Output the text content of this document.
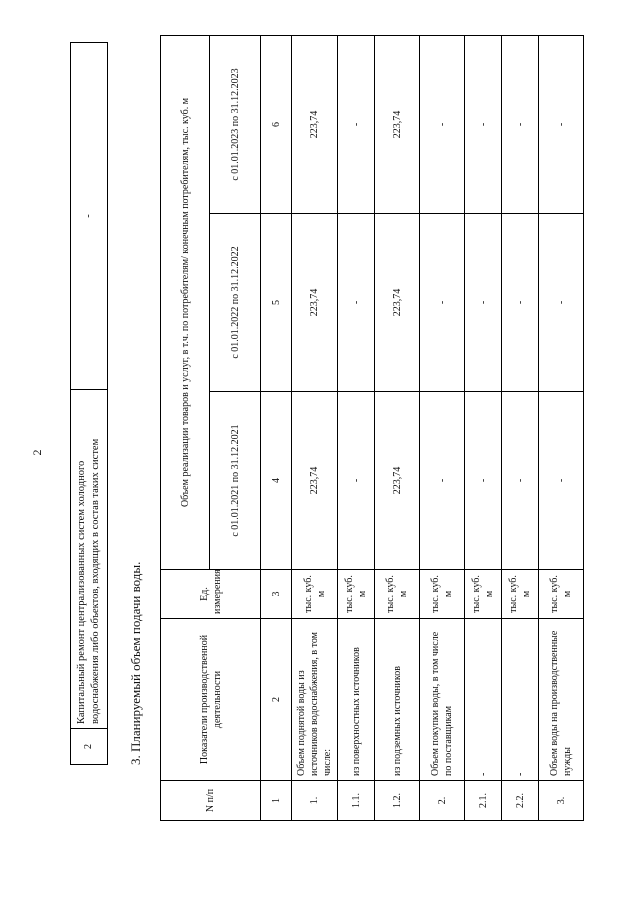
2
2	Капитальный ремонт централизованных систем холодного водоснабжения либо объектов, входящих в состав таких систем	-
3. Планируемый объем подачи воды.
N п/п	Показатели производственной деятельности	Ед. измерения	Объем реализации товаров и услуг, в т.ч. по потребителям/ конечным потребителям, тыс. куб. м		
			с 01.01.2021 по 31.12.2021	с 01.01.2022 по 31.12.2022	с 01.01.2023 по 31.12.2023
1	2	3	4	5	6
1.	Объем поднятой воды из источников водоснабжения, в том числе:	тыс. куб. м	223,74	223,74	223,74
1.1.	из поверхностных источников	тыс. куб. м	-	-	-
1.2.	из подземных источников	тыс. куб. м	223,74	223,74	223,74
2.	Объем покупки воды, в том числе по поставщикам	тыс. куб. м	-	-	-
2.1.	-	тыс. куб. м	-	-	-
2.2.	-	тыс. куб. м	-	-	-
3.	Объем воды на производственные нужды	тыс. куб. м	-	-	-
